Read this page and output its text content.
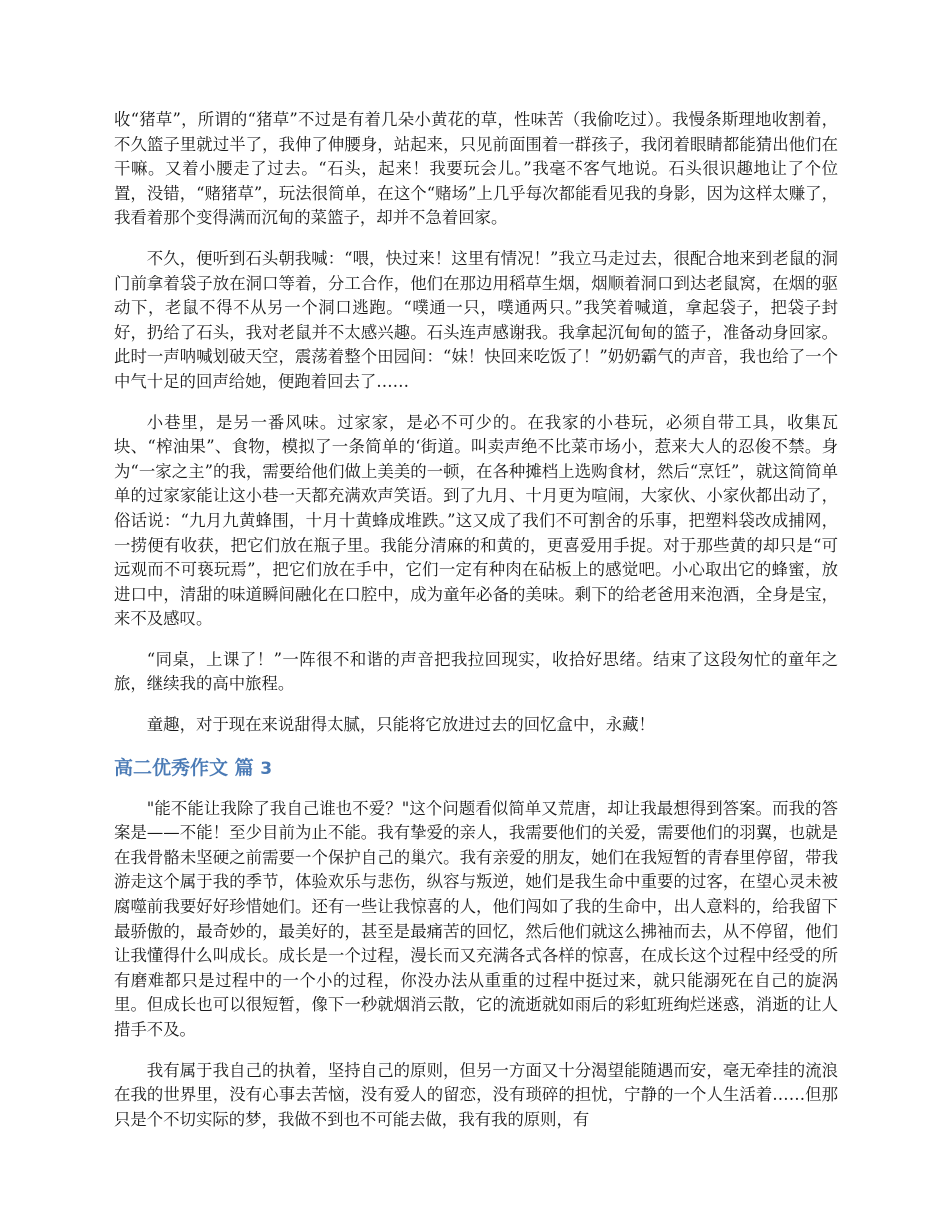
收“猪草”，所谓的“猪草”不过是有着几朵小黄花的草，性味苦（我偷吃过）。我慢条斯理地收割着，不久篮子里就过半了，我伸了伸腰身，站起来，只见前面围着一群孩子，我闭着眼睛都能猜出他们在干嘛。又着小腰走了过去。“石头，起来！我要玩会儿。”我毫不客气地说。石头很识趣地让了个位置，没错，“赌猪草”，玩法很简单，在这个“赌场”上几乎每次都能看见我的身影，因为这样太赚了，我看着那个变得满而沉甸的菜篮子，却并不急着回家。

不久，便听到石头朝我喊：“喂，快过来！这里有情况！”我立马走过去，很配合地来到老鼠的洞门前拿着袋子放在洞口等着，分工合作，他们在那边用稻草生烟，烟顺着洞口到达老鼠窝，在烟的驱动下，老鼠不得不从另一个洞口逃跑。“噗通一只，噗通两只。”我笑着喊道，拿起袋子，把袋子封好，扔给了石头，我对老鼠并不太感兴趣。石头连声感谢我。我拿起沉甸甸的篮子，准备动身回家。此时一声呐喊划破天空，震荡着整个田园间：“妹！快回来吃饭了！”奶奶霸气的声音，我也给了一个中气十足的回声给她，便跑着回去了……

小巷里，是另一番风味。过家家，是必不可少的。在我家的小巷玩，必须自带工具，收集瓦块、“榨油果”、食物，模拟了一条简单的‘街道。叫卖声绝不比菜市场小，惹来大人的忍俊不禁。身为“一家之主”的我，需要给他们做上美美的一顿，在各种摊档上选购食材，然后“烹饪”，就这简简单单的过家家能让这小巷一天都充满欢声笑语。到了九月、十月更为喧闹，大家伙、小家伙都出动了，俗话说：“九月九黄蜂围，十月十黄蜂成堆跌。”这又成了我们不可割舍的乐事，把塑料袋改成捕网，一捞便有收获，把它们放在瓶子里。我能分清麻的和黄的，更喜爱用手捉。对于那些黄的却只是“可远观而不可亵玩焉”，把它们放在手中，它们一定有种肉在砧板上的感觉吧。小心取出它的蜂蜜，放进口中，清甜的味道瞬间融化在口腔中，成为童年必备的美味。剩下的给老爸用来泡酒，全身是宝，来不及感叹。

“同桌，上课了！”一阵很不和谐的声音把我拉回现实，收拾好思绪。结束了这段匆忙的童年之旅，继续我的高中旅程。

童趣，对于现在来说甜得太腻，只能将它放进过去的回忆盒中，永藏！

高二优秀作文 篇 3

"能不能让我除了我自己谁也不爱？"这个问题看似简单又荒唐，却让我最想得到答案。而我的答案是——不能！至少目前为止不能。我有挚爱的亲人，我需要他们的关爱，需要他们的羽翼，也就是在我骨骼未坚硬之前需要一个保护自己的巢穴。我有亲爱的朋友，她们在我短暂的青春里停留，带我游走这个属于我的季节，体验欢乐与悲伤，纵容与叛逆，她们是我生命中重要的过客，在望心灵未被腐噬前我要好好珍惜她们。还有一些让我惊喜的人，他们闯如了我的生命中，出人意料的，给我留下最骄傲的，最奇妙的，最美好的，甚至是最痛苦的回忆，然后他们就这么拂袖而去，从不停留，他们让我懂得什么叫成长。成长是一个过程，漫长而又充满各式各样的惊喜，在成长这个过程中经受的所有磨难都只是过程中的一个小的过程，你没办法从重重的过程中挺过来，就只能溺死在自己的旋涡里。但成长也可以很短暂，像下一秒就烟消云散，它的流逝就如雨后的彩虹班绚烂迷惑，消逝的让人措手不及。

我有属于我自己的执着，坚持自己的原则，但另一方面又十分渴望能随遇而安，毫无牵挂的流浪在我的世界里，没有心事去苦恼，没有爱人的留恋，没有琐碎的担忧，宁静的一个人生活着……但那只是个不切实际的梦，我做不到也不可能去做，我有我的原则，有
